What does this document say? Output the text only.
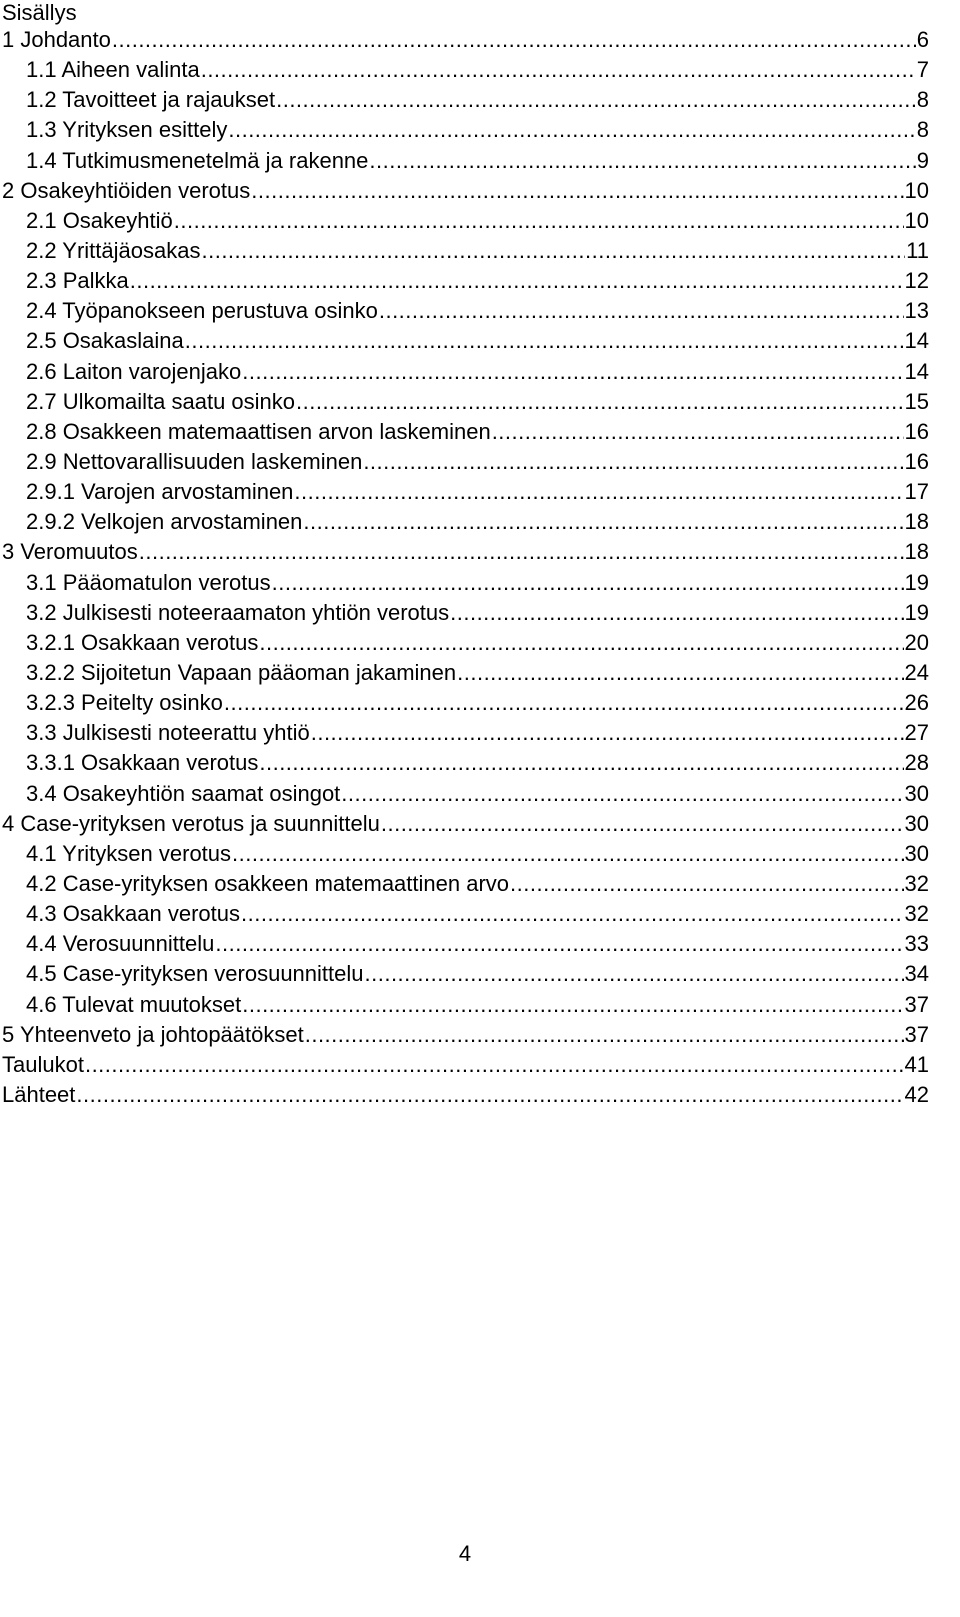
Sisällys
1 Johdanto .....	6
1.1 Aiheen valinta .....	7
1.2 Tavoitteet ja rajaukset .....	8
1.3 Yrityksen esittely .....	8
1.4 Tutkimusmenetelmä ja rakenne .....	9
2 Osakeyhtiöiden verotus .....	10
2.1 Osakeyhtiö .....	10
2.2 Yrittäjäosakas .....	11
2.3 Palkka .....	12
2.4 Työpanokseen perustuva osinko .....	13
2.5 Osakaslaina .....	14
2.6 Laiton varojenjako .....	14
2.7 Ulkomailta saatu osinko .....	15
2.8 Osakkeen matemaattisen arvon laskeminen .....	16
2.9 Nettovarallisuuden laskeminen .....	16
2.9.1 Varojen arvostaminen .....	17
2.9.2 Velkojen arvostaminen .....	18
3 Veromuutos .....	18
3.1 Pääomatulon verotus .....	19
3.2 Julkisesti noteeraamaton yhtiön verotus .....	19
3.2.1 Osakkaan verotus .....	20
3.2.2 Sijoitetun Vapaan pääoman jakaminen .....	24
3.2.3 Peitelty osinko .....	26
3.3 Julkisesti noteerattu yhtiö .....	27
3.3.1 Osakkaan verotus .....	28
3.4 Osakeyhtiön saamat osingot .....	30
4 Case-yrityksen verotus ja suunnittelu .....	30
4.1 Yrityksen verotus .....	30
4.2 Case-yrityksen osakkeen matemaattinen arvo .....	32
4.3 Osakkaan verotus .....	32
4.4 Verosuunnittelu .....	33
4.5 Case-yrityksen verosuunnittelu .....	34
4.6 Tulevat muutokset .....	37
5 Yhteenveto ja johtopäätökset .....	37
Taulukot .....	41
Lähteet .....	42
4
